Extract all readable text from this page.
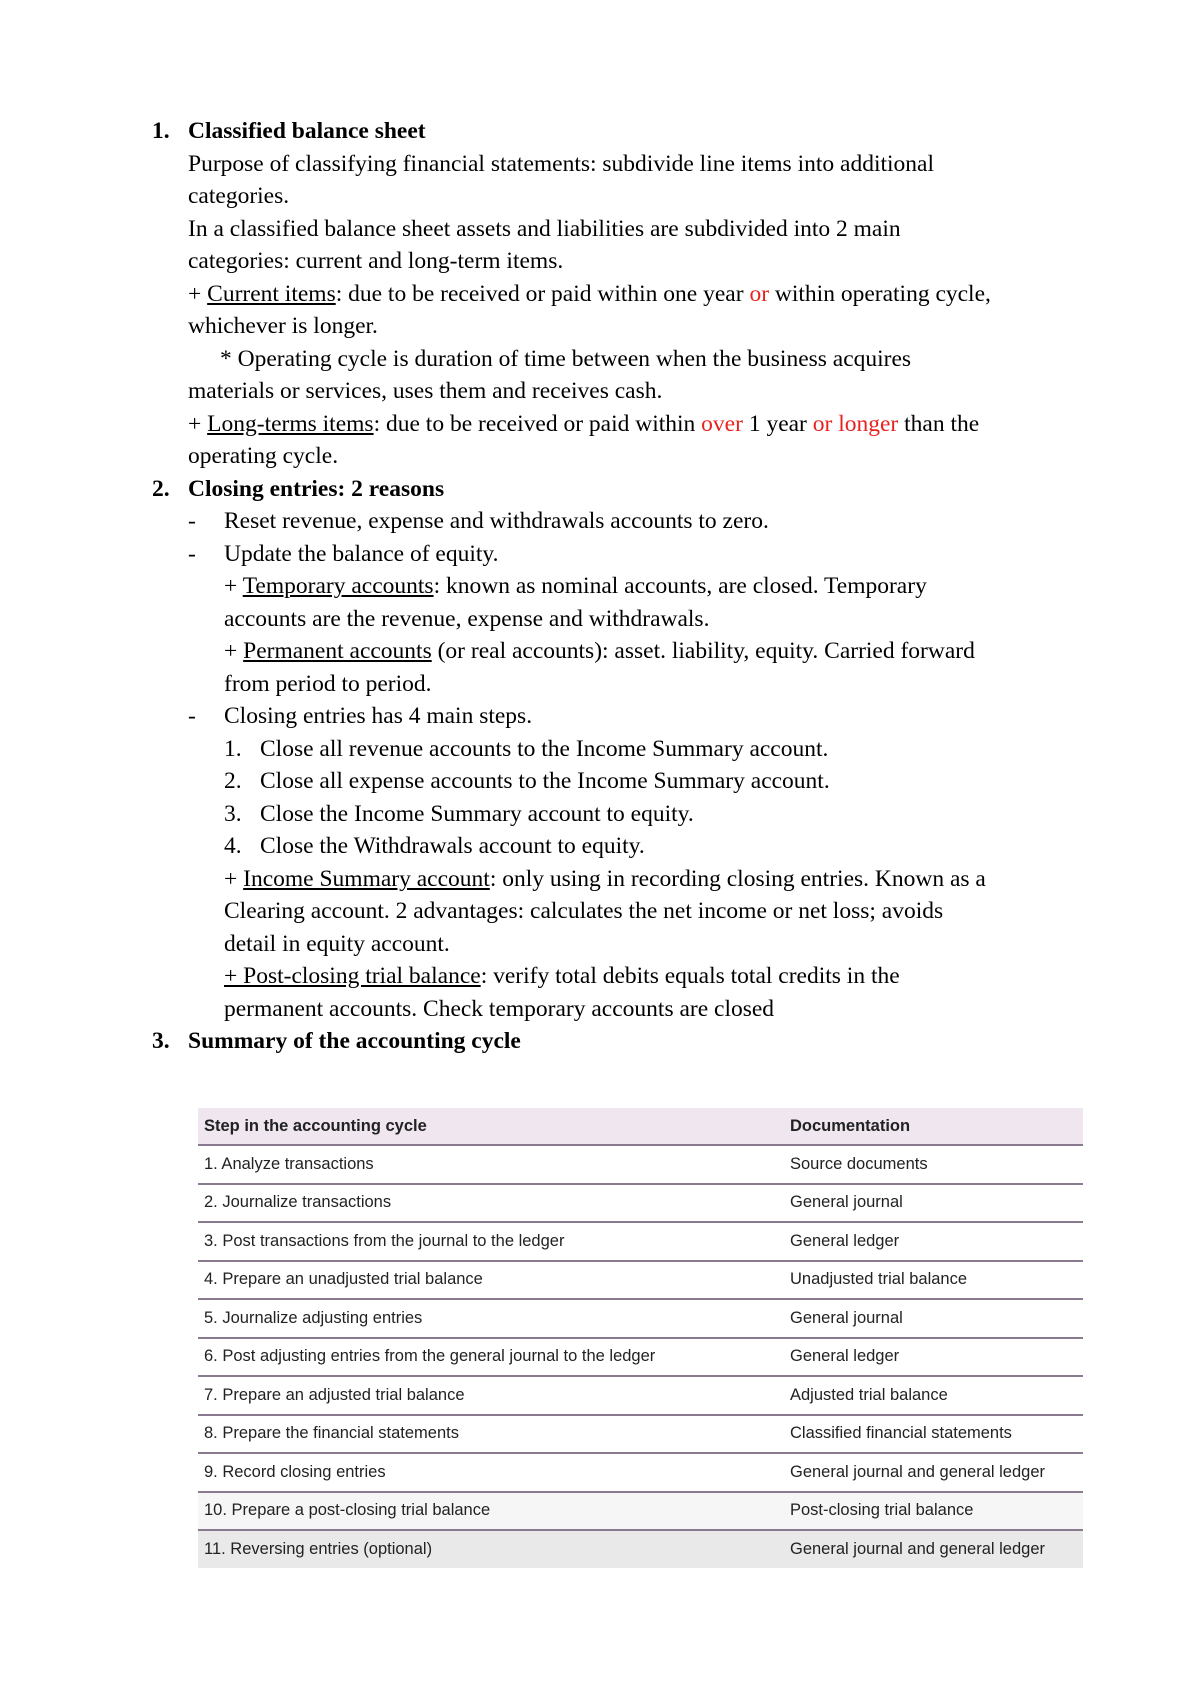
1. Classified balance sheet
Purpose of classifying financial statements: subdivide line items into additional
categories.
In a classified balance sheet assets and liabilities are subdivided into 2 main
categories: current and long-term items.
+ Current items: due to be received or paid within one year or within operating cycle,
whichever is longer.
* Operating cycle is duration of time between when the business acquires
materials or services, uses them and receives cash.
+ Long-terms items: due to be received or paid within over 1 year or longer than the
operating cycle.
2. Closing entries: 2 reasons
- Reset revenue, expense and withdrawals accounts to zero.
- Update the balance of equity.
+ Temporary accounts: known as nominal accounts, are closed. Temporary
accounts are the revenue, expense and withdrawals.
+ Permanent accounts (or real accounts): asset. liability, equity. Carried forward
from period to period.
- Closing entries has 4 main steps.
1. Close all revenue accounts to the Income Summary account.
2. Close all expense accounts to the Income Summary account.
3. Close the Income Summary account to equity.
4. Close the Withdrawals account to equity.
+ Income Summary account: only using in recording closing entries. Known as a
Clearing account. 2 advantages: calculates the net income or net loss; avoids
detail in equity account.
+ Post-closing trial balance: verify total debits equals total credits in the
permanent accounts. Check temporary accounts are closed
3. Summary of the accounting cycle
Step in the accounting cycle	Documentation
1. Analyze transactions	Source documents
2. Journalize transactions	General journal
3. Post transactions from the journal to the ledger	General ledger
4. Prepare an unadjusted trial balance	Unadjusted trial balance
5. Journalize adjusting entries	General journal
6. Post adjusting entries from the general journal to the ledger	General ledger
7. Prepare an adjusted trial balance	Adjusted trial balance
8. Prepare the financial statements	Classified financial statements
9. Record closing entries	General journal and general ledger
10. Prepare a post-closing trial balance	Post-closing trial balance
11. Reversing entries (optional)	General journal and general ledger
